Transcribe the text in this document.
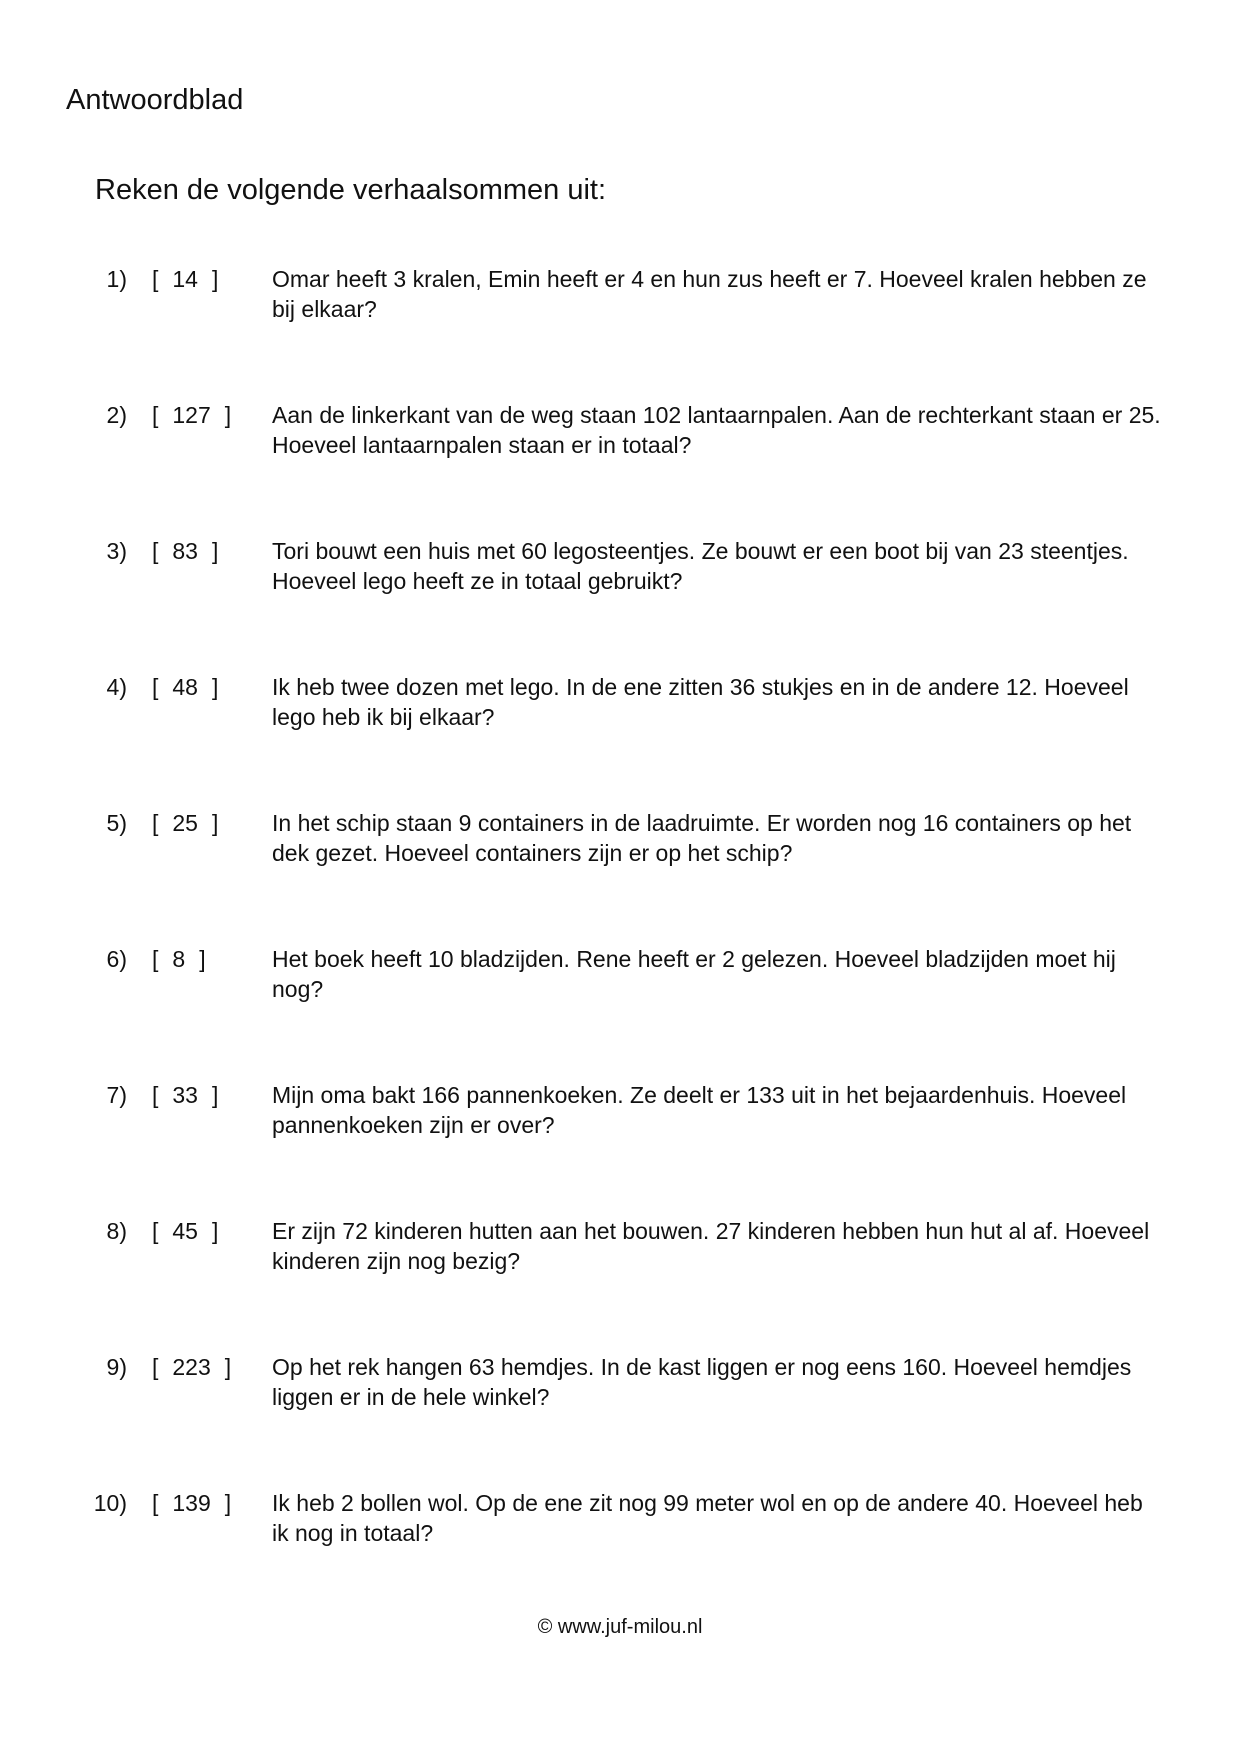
Antwoordblad
Reken de volgende verhaalsommen uit:
1) [ 14 ] Omar heeft 3 kralen, Emin heeft er 4 en hun zus heeft er 7. Hoeveel kralen hebben ze bij elkaar?
2) [ 127 ] Aan de linkerkant van de weg staan 102 lantaarnpalen. Aan de rechterkant staan er 25. Hoeveel lantaarnpalen staan er in totaal?
3) [ 83 ] Tori bouwt een huis met 60 legosteentjes. Ze bouwt er een boot bij van 23 steentjes. Hoeveel lego heeft ze in totaal gebruikt?
4) [ 48 ] Ik heb twee dozen met lego. In de ene zitten 36 stukjes en in de andere 12. Hoeveel lego heb ik bij elkaar?
5) [ 25 ] In het schip staan 9 containers in de laadruimte. Er worden nog 16 containers op het dek gezet. Hoeveel containers zijn er op het schip?
6) [ 8 ]	Het boek heeft 10 bladzijden. Rene heeft er 2 gelezen. Hoeveel bladzijden moet hij nog?
7) [ 33 ] Mijn oma bakt 166 pannenkoeken. Ze deelt er 133 uit in het bejaardenhuis. Hoeveel pannenkoeken zijn er over?
8) [ 45 ] Er zijn 72 kinderen hutten aan het bouwen. 27 kinderen hebben hun hut al af. Hoeveel kinderen zijn nog bezig?
9) [ 223 ] Op het rek hangen 63 hemdjes. In de kast liggen er nog eens 160. Hoeveel hemdjes liggen er in de hele winkel?
10) [ 139 ] Ik heb 2 bollen wol. Op de ene zit nog 99 meter wol en op de andere 40. Hoeveel heb ik nog in totaal?
© www.juf-milou.nl
